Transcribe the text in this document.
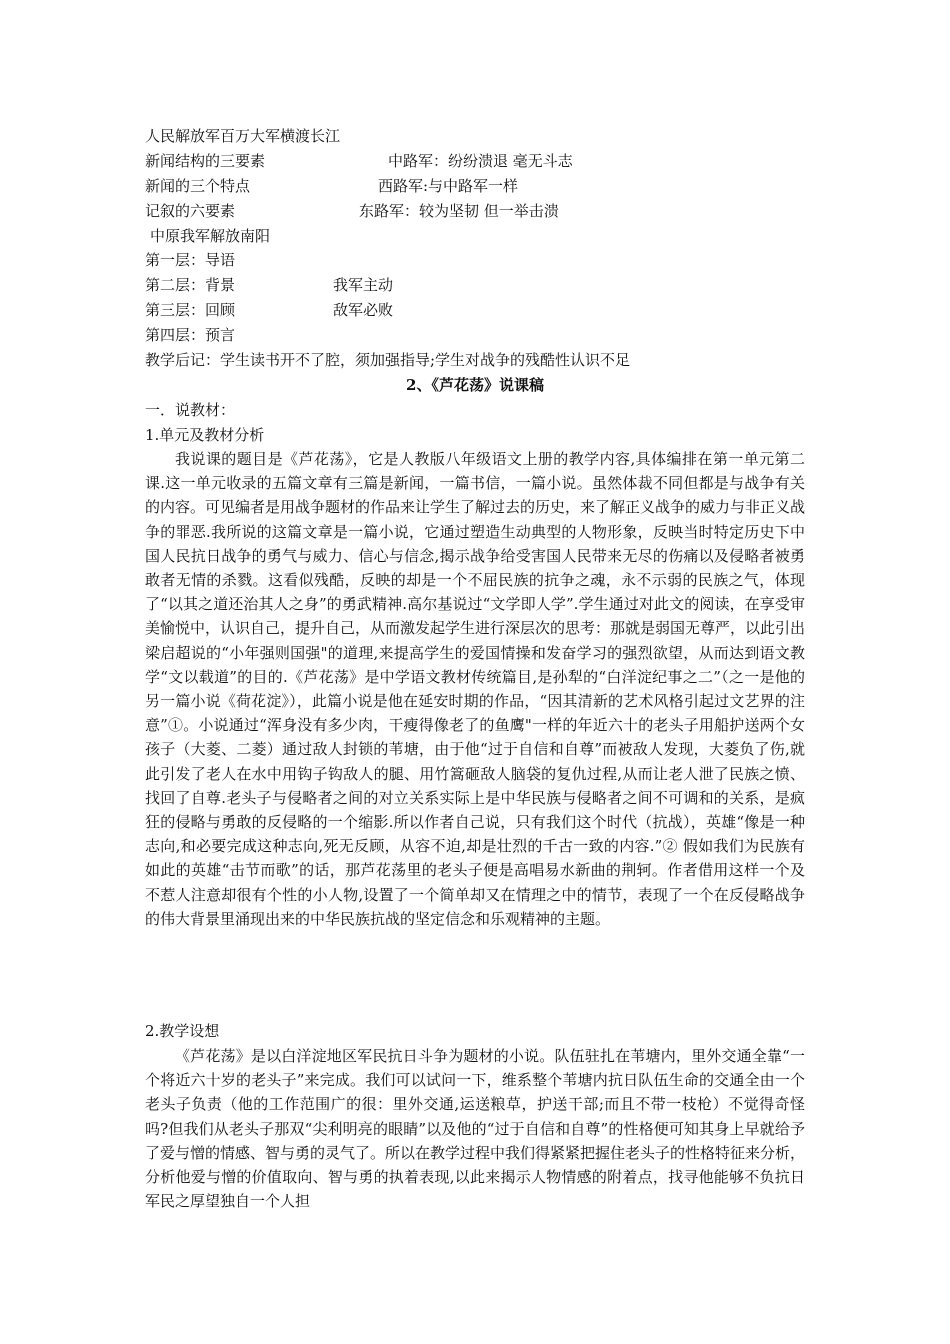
人民解放军百万大军横渡长江
新闻结构的三要素	中路军：纷纷溃退 毫无斗志
新闻的三个特点	西路军:与中路军一样
记叙的六要素	东路军：较为坚韧 但一举击溃
中原我军解放南阳
第一层：导语
第二层：背景	我军主动
第三层：回顾	敌军必败
第四层：预言
教学后记：学生读书开不了腔，须加强指导;学生对战争的残酷性认识不足
2、《芦花荡》说课稿
一．说教材：
1.单元及教材分析
我说课的题目是《芦花荡》，它是人教版八年级语文上册的教学内容,具体编排在第一单元第二课.这一单元收录的五篇文章有三篇是新闻，一篇书信，一篇小说。虽然体裁不同但都是与战争有关的内容。可见编者是用战争题材的作品来让学生了解过去的历史，来了解正义战争的威力与非正义战争的罪恶.我所说的这篇文章是一篇小说，它通过塑造生动典型的人物形象，反映当时特定历史下中国人民抗日战争的勇气与威力、信心与信念,揭示战争给受害国人民带来无尽的伤痛以及侵略者被勇敢者无情的杀戮。这看似残酷，反映的却是一个不屈民族的抗争之魂，永不示弱的民族之气，体现了“以其之道还治其人之身”的勇武精神.高尔基说过“文学即人学”.学生通过对此文的阅读，在享受审美愉悦中，认识自己，提升自己，从而激发起学生进行深层次的思考：那就是弱国无尊严，以此引出梁启超说的“小年强则国强"的道理,来提高学生的爱国情操和发奋学习的强烈欲望，从而达到语文教学“文以载道”的目的.《芦花荡》是中学语文教材传统篇目,是孙犁的“白洋淀纪事之二”（之一是他的另一篇小说《荷花淀》），此篇小说是他在延安时期的作品，“因其清新的艺术风格引起过文艺界的注意”①。小说通过“浑身没有多少肉，干瘦得像老了的鱼鹰"一样的年近六十的老头子用船护送两个女孩子（大菱、二菱）通过敌人封锁的苇塘，由于他“过于自信和自尊”而被敌人发现，大菱负了伤,就此引发了老人在水中用钩子钩敌人的腿、用竹篙砸敌人脑袋的复仇过程,从而让老人泄了民族之愤、找回了自尊.老头子与侵略者之间的对立关系实际上是中华民族与侵略者之间不可调和的关系，是疯狂的侵略与勇敢的反侵略的一个缩影.所以作者自己说，只有我们这个时代（抗战），英雄“像是一种志向,和必要完成这种志向,死无反顾，从容不迫,却是壮烈的千古一致的内容.”② 假如我们为民族有如此的英雄“击节而歌”的话，那芦花荡里的老头子便是高唱易水新曲的荆轲。作者借用这样一个及不惹人注意却很有个性的小人物,设置了一个简单却又在情理之中的情节，表现了一个在反侵略战争的伟大背景里涌现出来的中华民族抗战的坚定信念和乐观精神的主题。
2.教学设想
《芦花荡》是以白洋淀地区军民抗日斗争为题材的小说。队伍驻扎在苇塘内，里外交通全靠“一个将近六十岁的老头子”来完成。我们可以试问一下，维系整个苇塘内抗日队伍生命的交通全由一个老头子负责（他的工作范围广的很：里外交通,运送粮草，护送干部;而且不带一枝枪）不觉得奇怪吗?但我们从老头子那双“尖利明亮的眼睛”以及他的“过于自信和自尊”的性格便可知其身上早就给予了爱与憎的情感、智与勇的灵气了。所以在教学过程中我们得紧紧把握住老头子的性格特征来分析，分析他爱与憎的价值取向、智与勇的执着表现,以此来揭示人物情感的附着点，找寻他能够不负抗日军民之厚望独自一个人担
